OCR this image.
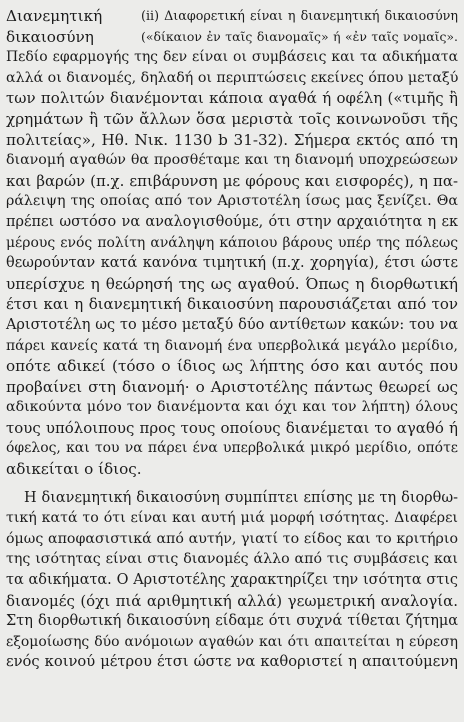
Διανεμητική
δικαιοσύνη
(ii) Διαφορετική είναι η διανεμητική δικαιοσύνη
(«δίκαιον ἐν ταῖς διανομαῖς» ή «ἐν ταῖς νομαῖς».
Πεδίο εφαρμογής της δεν είναι οι συμβάσεις και τα αδικήματα
αλλά οι διανομές, δηλαδή οι περιπτώσεις εκείνες όπου μεταξύ
των πολιτών διανέμονται κάποια αγαθά ή οφέλη («τιμῆς ἢ
χρημάτων ἢ τῶν ἄλλων ὅσα μεριστὰ τοῖς κοινωνοῦσι τῆς
πολιτείας», Ηθ. Νικ. 1130 b 31-32). Σήμερα εκτός από τη
διανομή αγαθών θα προσθέταμε και τη διανομή υποχρεώσεων
και βαρών (π.χ. επιβάρυνση με φόρους και εισφορές), η πα-
ράλειψη της οποίας από τον Αριστοτέλη ίσως μας ξενίζει. Θα
πρέπει ωστόσο να αναλογισθούμε, ότι στην αρχαιότητα η εκ
μέρους ενός πολίτη ανάληψη κάποιου βάρους υπέρ της πόλεως
θεωρούνταν κατά κανόνα τιμητική (π.χ. χορηγία), έτσι ώστε
υπερίσχυε η θεώρησή της ως αγαθού. Όπως η διορθωτική
έτσι και η διανεμητική δικαιοσύνη παρουσιάζεται από τον
Αριστοτέλη ως το μέσο μεταξύ δύο αντίθετων κακών: του να
πάρει κανείς κατά τη διανομή ένα υπερβολικά μεγάλο μερίδιο,
οπότε αδικεί (τόσο ο ίδιος ως λήπτης όσο και αυτός που
προβαίνει στη διανομή· ο Αριστοτέλης πάντως θεωρεί ως
αδικούντα μόνο τον διανέμοντα και όχι και τον λήπτη) όλους
τους υπόλοιπους προς τους οποίους διανέμεται το αγαθό ή
όφελος, και του να πάρει ένα υπερβολικά μικρό μερίδιο, οπότε
αδικείται ο ίδιος.
Η διανεμητική δικαιοσύνη συμπίπτει επίσης με τη διορθω-
τική κατά το ότι είναι και αυτή μιά μορφή ισότητας. Διαφέρει
όμως αποφασιστικά από αυτήν, γιατί το είδος και το κριτήριο
της ισότητας είναι στις διανομές άλλο από τις συμβάσεις και
τα αδικήματα. Ο Αριστοτέλης χαρακτηρίζει την ισότητα στις
διανομές (όχι πιά αριθμητική αλλά) γεωμετρική αναλογία.
Στη διορθωτική δικαιοσύνη είδαμε ότι συχνά τίθεται ζήτημα
εξομοίωσης δύο ανόμοιων αγαθών και ότι απαιτείται η εύρεση
ενός κοινού μέτρου έτσι ώστε να καθοριστεί η απαιτούμενη
